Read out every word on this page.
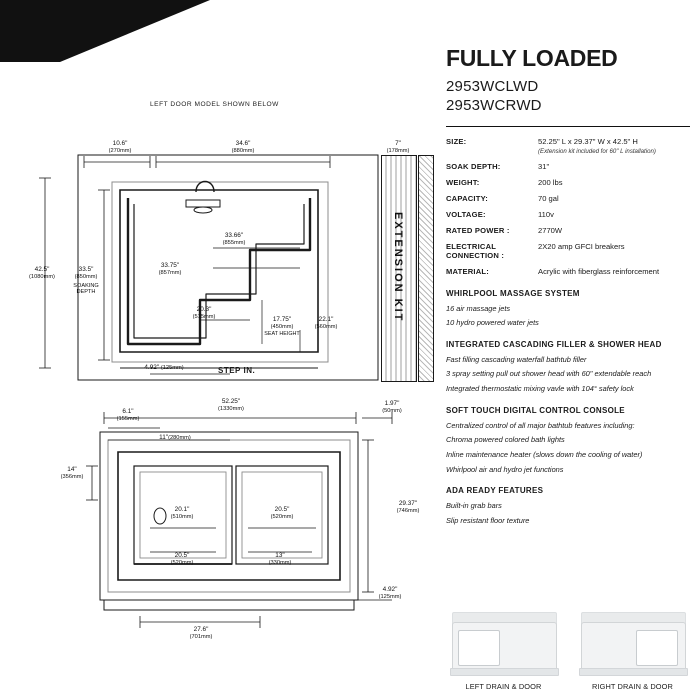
LEFT DOOR MODEL SHOWN BELOW
EXTENSION KIT
10.6"
(270mm)
34.6"
(880mm)
7"
(178mm)
42.5"
(1080mm)
33.5"
(850mm)
SOAKING
DEPTH
33.66"
(855mm)
33.75"
(857mm)
20.3"
(515mm)	17.75"
(450mm)
SEAT HEIGHT
22.1"
(560mm)
4.92" (125mm)	STEP IN.
52.25"
(1330mm)
6.1"
(155mm)
11"(280mm)
1.97"
(50mm)
14"
(356mm)
20.1"
(510mm)
20.5"
(520mm)
20.5"
(520mm)
13"
(330mm)
29.37"
(746mm)
4.92"
(125mm)
27.6"
(701mm)
FULLY LOADED
2953WCLWD
2953WCRWD
SIZE:	52.25" L x 29.37" W x 42.5" H
(Extension kit included for 60" L installation)
SOAK DEPTH:	31"
WEIGHT:	200 lbs
CAPACITY:	70 gal
VOLTAGE:	110v
RATED POWER :	2770W
ELECTRICAL CONNECTION :
2X20 amp GFCI breakers
MATERIAL:	Acrylic with fiberglass reinforcement
WHIRLPOOL MASSAGE SYSTEM
16 air massage jets
10 hydro powered water jets
INTEGRATED CASCADING FILLER & SHOWER HEAD
Fast filling cascading waterfall bathtub filler
3 spray setting pull out shower head with 60" extendable reach
Integrated thermostatic mixing vavle with 104° safety lock
SOFT TOUCH DIGITAL CONTROL CONSOLE
Centralized control of all major bathtub features including:
Chroma powered colored bath lights
Inline maintenance heater (slows down the cooling of water)
Whirlpool air and hydro jet functions
ADA READY FEATURES
Built-in grab bars
Slip resistant floor texture
LEFT DRAIN & DOOR	RIGHT DRAIN & DOOR
